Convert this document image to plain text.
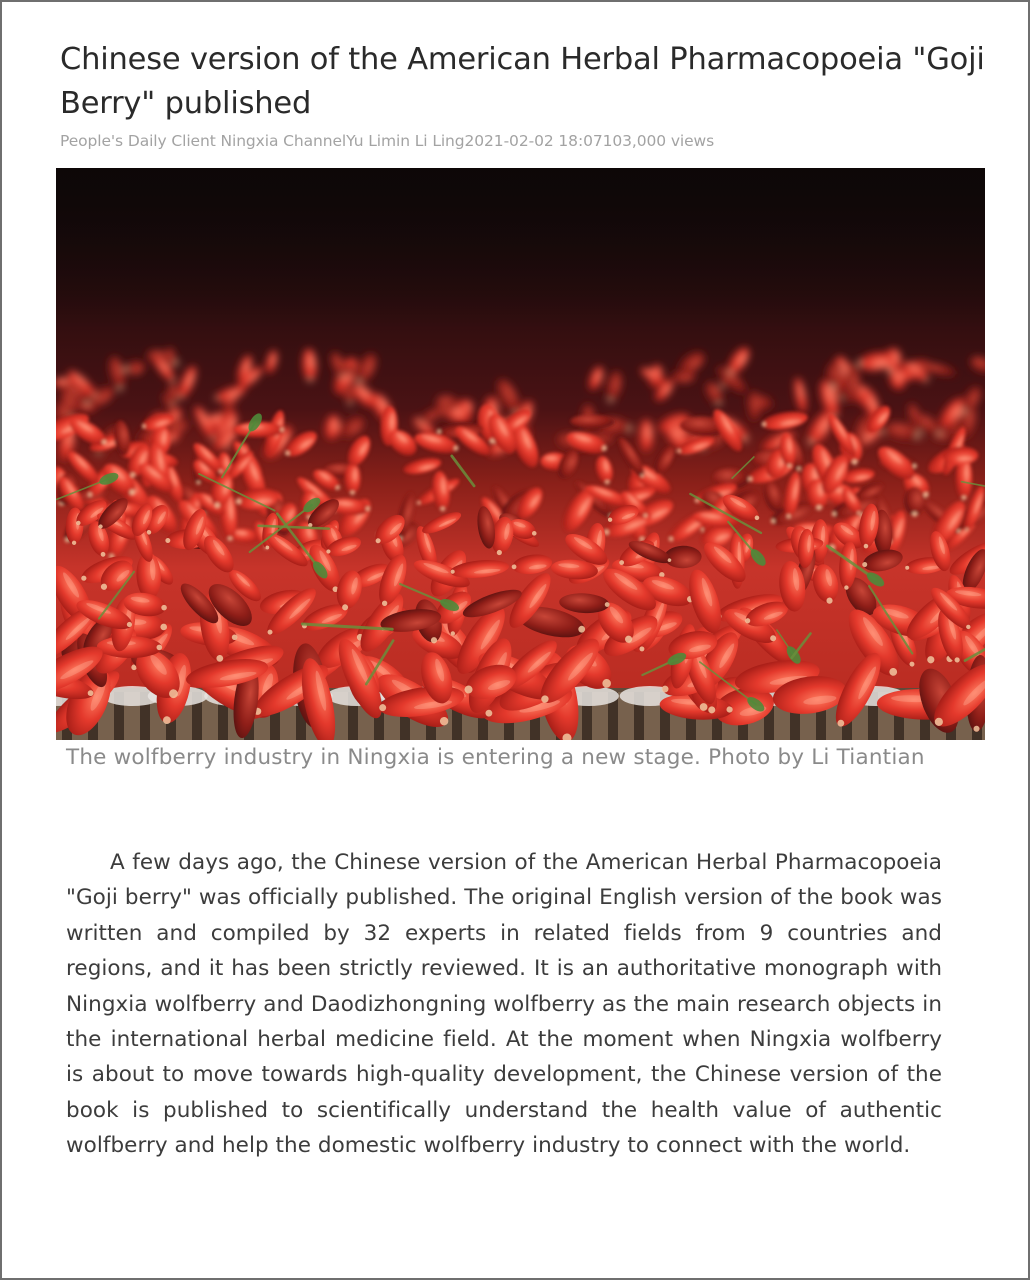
Chinese version of the American Herbal Pharmacopoeia "Goji Berry" published
People's Daily Client Ningxia ChannelYu Limin Li Ling2021-02-02 18:07103,000 views

The wolfberry industry in Ningxia is entering a new stage. Photo by Li Tiantian

A few days ago, the Chinese version of the American Herbal Pharmacopoeia "Goji berry" was officially published. The original English version of the book was written and compiled by 32 experts in related fields from 9 countries and regions, and it has been strictly reviewed. It is an authoritative monograph with Ningxia wolfberry and Daodizhongning wolfberry as the main research objects in the international herbal medicine field. At the moment when Ningxia wolfberry is about to move towards high-quality development, the Chinese version of the book is published to scientifically understand the health value of authentic wolfberry and help the domestic wolfberry industry to connect with the world.
